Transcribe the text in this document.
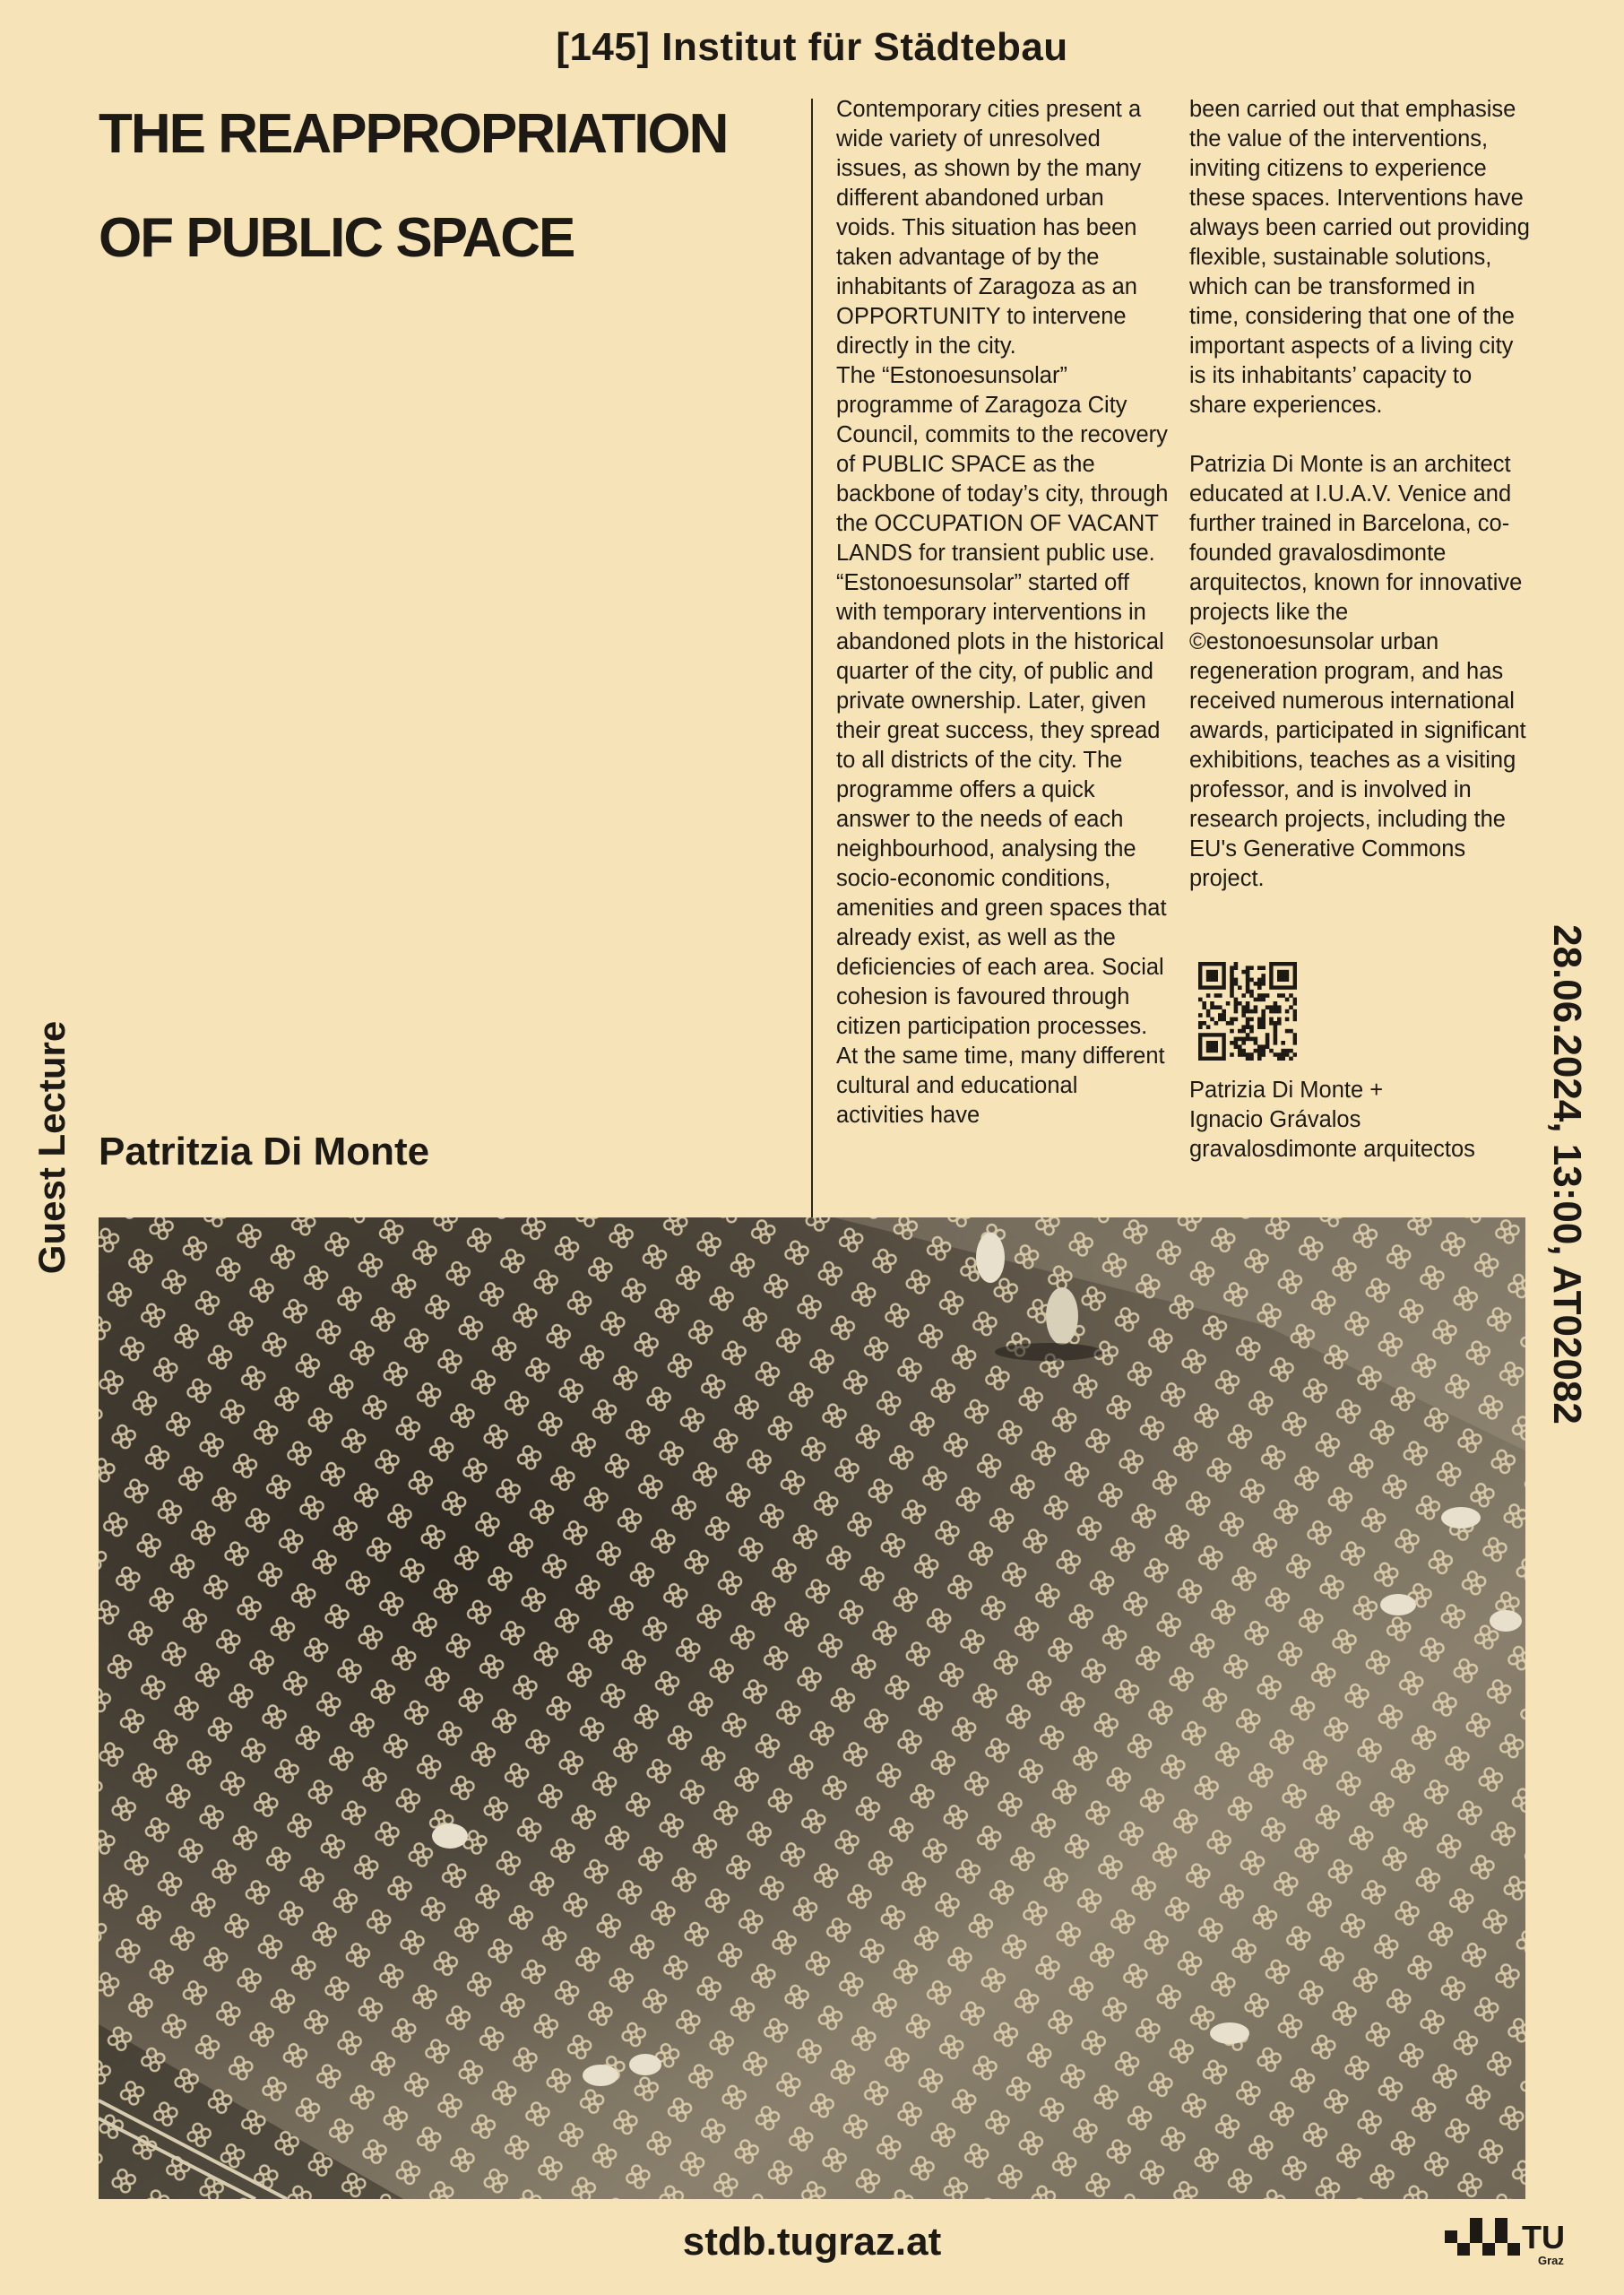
[145] Institut für Städtebau
THE REAPPROPRIATION
OF PUBLIC SPACE

Contemporary cities present a wide variety of unresolved issues, as shown by the many different abandoned urban voids. This situation has been taken advantage of by the inhabitants of Zaragoza as an OPPORTUNITY to intervene directly in the city.

The “Estonoesunsolar” programme of Zaragoza City Council, commits to the recovery of PUBLIC SPACE as the backbone of today’s city, through the OCCUPATION OF VACANT LANDS for transient public use. “Estonoesunsolar” started off with temporary interventions in abandoned plots in the historical quarter of the city, of public and private ownership. Later, given their great success, they spread to all districts of the city. The programme offers a quick answer to the needs of each neighbourhood, analysing the socio-economic conditions, amenities and green spaces that already exist, as well as the deficiencies of each area. Social cohesion is favoured through citizen participation processes. At the same time, many different cultural and educational activities have

been carried out that emphasise the value of the interventions, inviting citizens to experience these spaces. Interventions have always been carried out providing flexible, sustainable solutions, which can be transformed in time, considering that one of the important aspects of a living city is its inhabitants’ capacity to share experiences.

Patrizia Di Monte is an architect educated at I.U.A.V. Venice and further trained in Barcelona, co-founded gravalosdimonte arquitectos, known for innovative projects like the ©estonoesunsolar urban regeneration program, and has received numerous international awards, participated in significant exhibitions, teaches as a visiting professor, and is involved in research projects, including the EU's Generative Commons project.

Patrizia Di Monte +
Ignacio Grávalos
gravalosdimonte arquitectos
Patritzia Di Monte
Guest Lecture	28.06.2024, 13:00, AT02082
stdb.tugraz.at	TU
Graz
